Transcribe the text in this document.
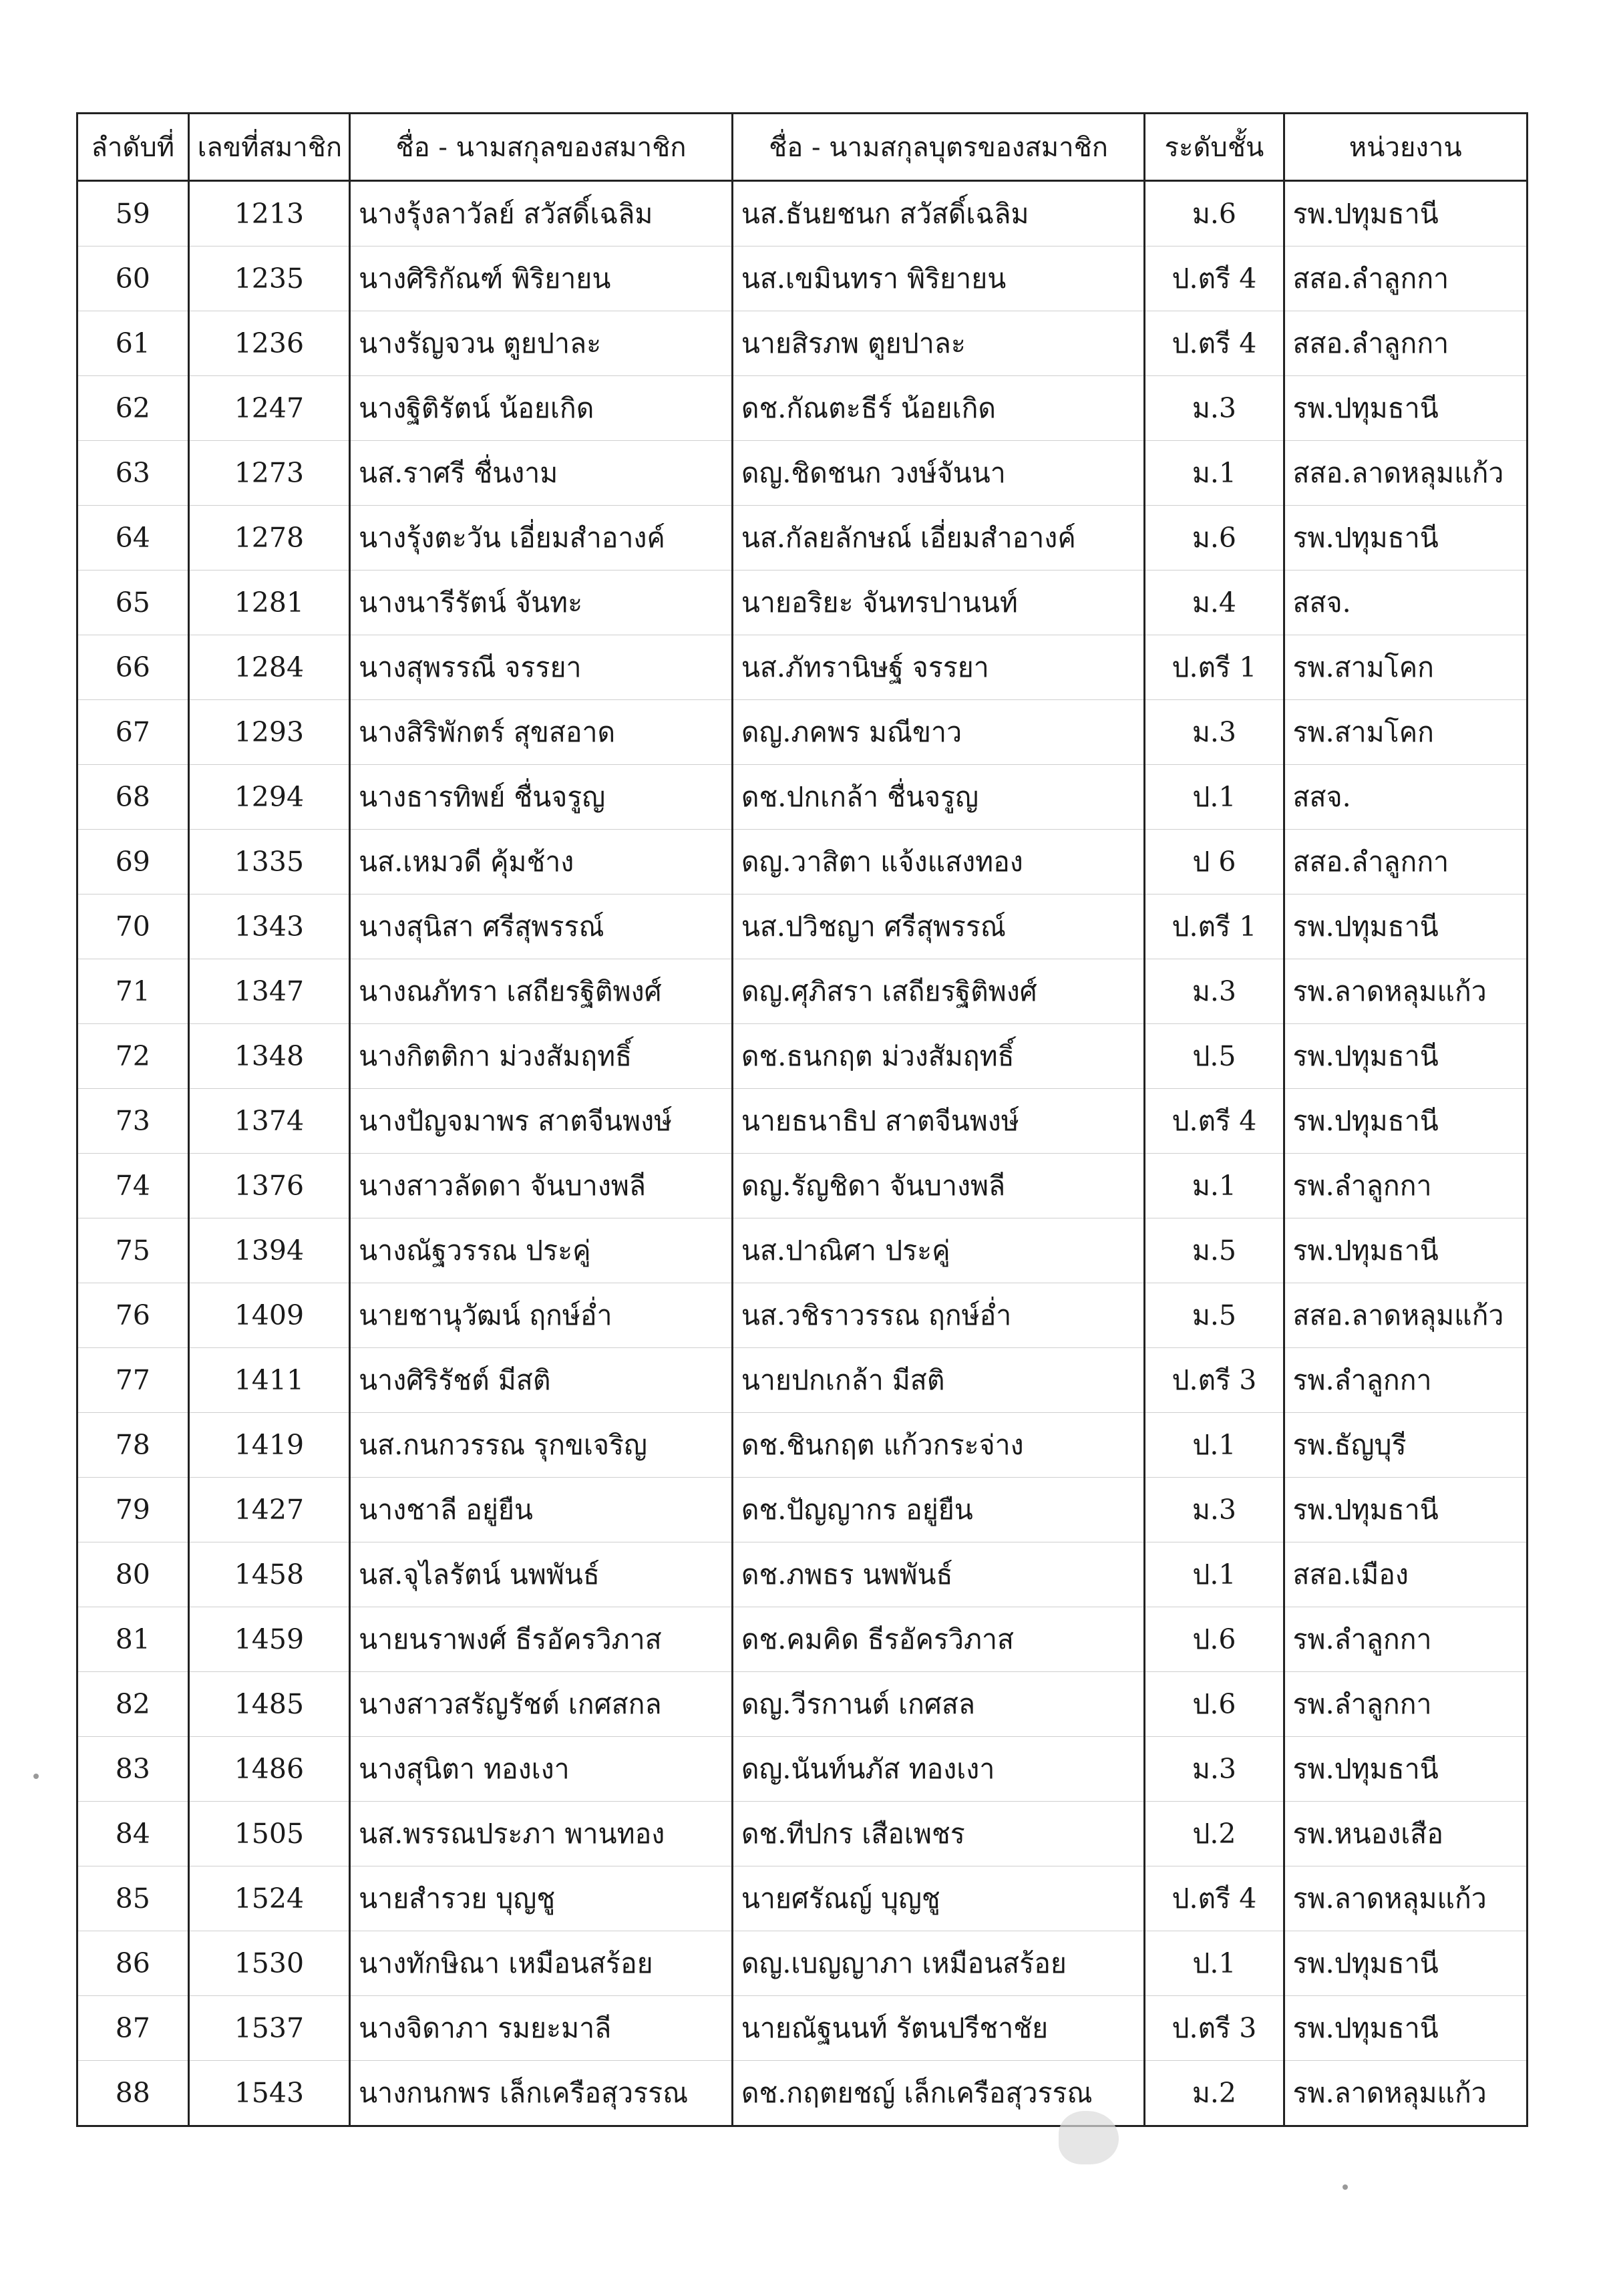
ลำดับที่	เลขที่สมาชิก	ชื่อ - นามสกุลของสมาชิก	ชื่อ - นามสกุลบุตรของสมาชิก	ระดับชั้น	หน่วยงาน
59	1213	นางรุ้งลาวัลย์ สวัสดิ์เฉลิม	นส.ธันยชนก สวัสดิ์เฉลิม	ม.6	รพ.ปทุมธานี
60	1235	นางศิริกัณฑ์ พิริยายน	นส.เขมินทรา พิริยายน	ป.ตรี 4	สสอ.ลำลูกกา
61	1236	นางรัญจวน ตูยปาละ	นายสิรภพ ตูยปาละ	ป.ตรี 4	สสอ.ลำลูกกา
62	1247	นางฐิติรัตน์ น้อยเกิด	ดช.กัณตะธีร์ น้อยเกิด	ม.3	รพ.ปทุมธานี
63	1273	นส.ราศรี ชื่นงาม	ดญ.ชิดชนก วงษ์จันนา	ม.1	สสอ.ลาดหลุมแก้ว
64	1278	นางรุ้งตะวัน เอี่ยมสำอางค์	นส.กัลยลักษณ์ เอี่ยมสำอางค์	ม.6	รพ.ปทุมธานี
65	1281	นางนารีรัตน์ จันทะ	นายอริยะ จันทรปานนท์	ม.4	สสจ.
66	1284	นางสุพรรณี จรรยา	นส.ภัทรานิษฐ์ จรรยา	ป.ตรี 1	รพ.สามโคก
67	1293	นางสิริพักตร์ สุขสอาด	ดญ.ภคพร มณีขาว	ม.3	รพ.สามโคก
68	1294	นางธารทิพย์ ชื่นจรูญ	ดช.ปกเกล้า ชื่นจรูญ	ป.1	สสจ.
69	1335	นส.เหมวดี คุ้มช้าง	ดญ.วาสิตา แจ้งแสงทอง	ป 6	สสอ.ลำลูกกา
70	1343	นางสุนิสา ศรีสุพรรณ์	นส.ปวิชญา ศรีสุพรรณ์	ป.ตรี 1	รพ.ปทุมธานี
71	1347	นางณภัทรา เสถียรฐิติพงศ์	ดญ.ศุภิสรา เสถียรฐิติพงศ์	ม.3	รพ.ลาดหลุมแก้ว
72	1348	นางกิตติกา ม่วงสัมฤทธิ์	ดช.ธนกฤต ม่วงสัมฤทธิ์	ป.5	รพ.ปทุมธานี
73	1374	นางปัญจมาพร สาตจีนพงษ์	นายธนาธิป สาตจีนพงษ์	ป.ตรี 4	รพ.ปทุมธานี
74	1376	นางสาวลัดดา จันบางพลี	ดญ.รัญชิดา จันบางพลี	ม.1	รพ.ลำลูกกา
75	1394	นางณัฐวรรณ ประคู่	นส.ปาณิศา ประคู่	ม.5	รพ.ปทุมธานี
76	1409	นายชานุวัฒน์ ฤกษ์อ่ำ	นส.วชิราวรรณ ฤกษ์อ่ำ	ม.5	สสอ.ลาดหลุมแก้ว
77	1411	นางศิริรัชต์ มีสติ	นายปกเกล้า มีสติ	ป.ตรี 3	รพ.ลำลูกกา
78	1419	นส.กนกวรรณ รุกขเจริญ	ดช.ชินกฤต แก้วกระจ่าง	ป.1	รพ.ธัญบุรี
79	1427	นางชาลี อยู่ยืน	ดช.ปัญญากร อยู่ยืน	ม.3	รพ.ปทุมธานี
80	1458	นส.จุไลรัตน์ นพพันธ์	ดช.ภพธร นพพันธ์	ป.1	สสอ.เมือง
81	1459	นายนราพงศ์ ธีรอัครวิภาส	ดช.คมคิด ธีรอัครวิภาส	ป.6	รพ.ลำลูกกา
82	1485	นางสาวสรัญรัชต์ เกศสกล	ดญ.วีรกานต์ เกศสล	ป.6	รพ.ลำลูกกา
83	1486	นางสุนิตา ทองเงา	ดญ.นันท์นภัส ทองเงา	ม.3	รพ.ปทุมธานี
84	1505	นส.พรรณประภา พานทอง	ดช.ทีปกร เสือเพชร	ป.2	รพ.หนองเสือ
85	1524	นายสำรวย บุญชู	นายศรัณญ์ บุญชู	ป.ตรี 4	รพ.ลาดหลุมแก้ว
86	1530	นางทักษิณา เหมือนสร้อย	ดญ.เบญญาภา เหมือนสร้อย	ป.1	รพ.ปทุมธานี
87	1537	นางจิดาภา รมยะมาลี	นายณัฐนนท์ รัตนปรีชาชัย	ป.ตรี 3	รพ.ปทุมธานี
88	1543	นางกนกพร เล็กเครือสุวรรณ	ดช.กฤตยชญ์ เล็กเครือสุวรรณ	ม.2	รพ.ลาดหลุมแก้ว
